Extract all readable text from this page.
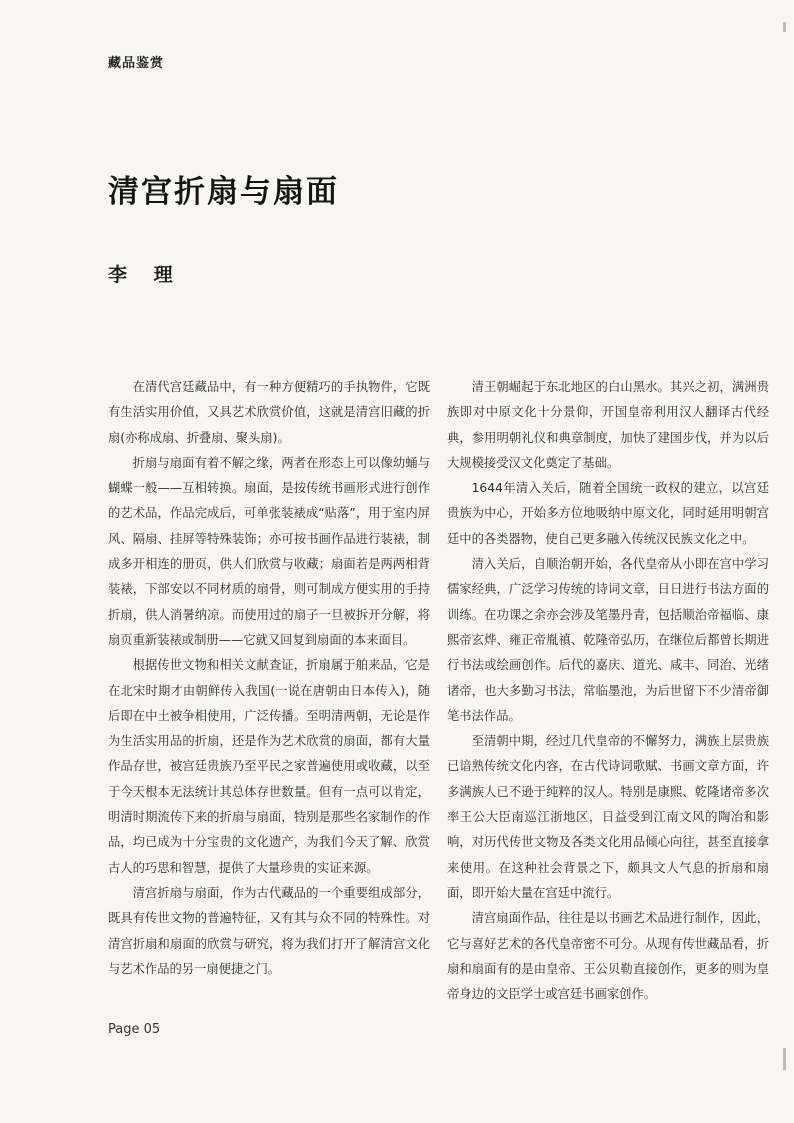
藏品鉴赏
清宫折扇与扇面
李 理

在清代宫廷藏品中，有一种方便精巧的手执物件，它既有生活实用价值，又具艺术欣赏价值，这就是清宫旧藏的折扇(亦称成扇、折叠扇、聚头扇)。

折扇与扇面有着不解之缘，两者在形态上可以像幼蛹与蝴蝶一般——互相转换。扇面，是按传统书画形式进行创作的艺术品，作品完成后，可单张装裱成“贴落”，用于室内屏风、隔扇、挂屏等特殊装饰；亦可按书画作品进行装裱，制成多开相连的册页，供人们欣赏与收藏；扇面若是两两相背装裱，下部安以不同材质的扇骨，则可制成方便实用的手持折扇，供人消暑纳凉。而使用过的扇子一旦被拆开分解，将扇页重新装裱或制册——它就又回复到扇面的本来面目。

根据传世文物和相关文献查证，折扇属于舶来品，它是在北宋时期才由朝鲜传入我国(一说在唐朝由日本传入)，随后即在中土被争相使用，广泛传播。至明清两朝，无论是作为生活实用品的折扇，还是作为艺术欣赏的扇面，都有大量作品存世，被宫廷贵族乃至平民之家普遍使用或收藏，以至于今天根本无法统计其总体存世数量。但有一点可以肯定，明清时期流传下来的折扇与扇面，特别是那些名家制作的作品，均已成为十分宝贵的文化遗产，为我们今天了解、欣赏古人的巧思和智慧，提供了大量珍贵的实证来源。

清宫折扇与扇面，作为古代藏品的一个重要组成部分，既具有传世文物的普遍特征，又有其与众不同的特殊性。对清宫折扇和扇面的欣赏与研究，将为我们打开了解清宫文化与艺术作品的另一扇便捷之门。

清王朝崛起于东北地区的白山黑水。其兴之初，满洲贵族即对中原文化十分景仰，开国皇帝利用汉人翻译古代经典，参用明朝礼仪和典章制度，加快了建国步伐，并为以后大规模接受汉文化奠定了基础。

1644年清入关后，随着全国统一政权的建立，以宫廷贵族为中心，开始多方位地吸纳中原文化，同时延用明朝宫廷中的各类器物，使自己更多融入传统汉民族文化之中。

清入关后，自顺治朝开始，各代皇帝从小即在宫中学习儒家经典，广泛学习传统的诗词文章，日日进行书法方面的训练。在功课之余亦会涉及笔墨丹青，包括顺治帝福临、康熙帝玄烨、雍正帝胤禛、乾隆帝弘历，在继位后都曾长期进行书法或绘画创作。后代的嘉庆、道光、咸丰、同治、光绪诸帝，也大多勤习书法，常临墨池，为后世留下不少清帝御笔书法作品。

至清朝中期，经过几代皇帝的不懈努力，满族上层贵族已谙熟传统文化内容，在古代诗词歌赋、书画文章方面，许多满族人已不逊于纯粹的汉人。特别是康熙、乾隆诸帝多次率王公大臣南巡江浙地区，日益受到江南文风的陶冶和影响，对历代传世文物及各类文化用品倾心向往，甚至直接拿来使用。在这种社会背景之下，颇具文人气息的折扇和扇面，即开始大量在宫廷中流行。

清宫扇面作品，往往是以书画艺术品进行制作，因此，它与喜好艺术的各代皇帝密不可分。从现有传世藏品看，折扇和扇面有的是由皇帝、王公贝勒直接创作，更多的则为皇帝身边的文臣学士或宫廷书画家创作。

Page 05
